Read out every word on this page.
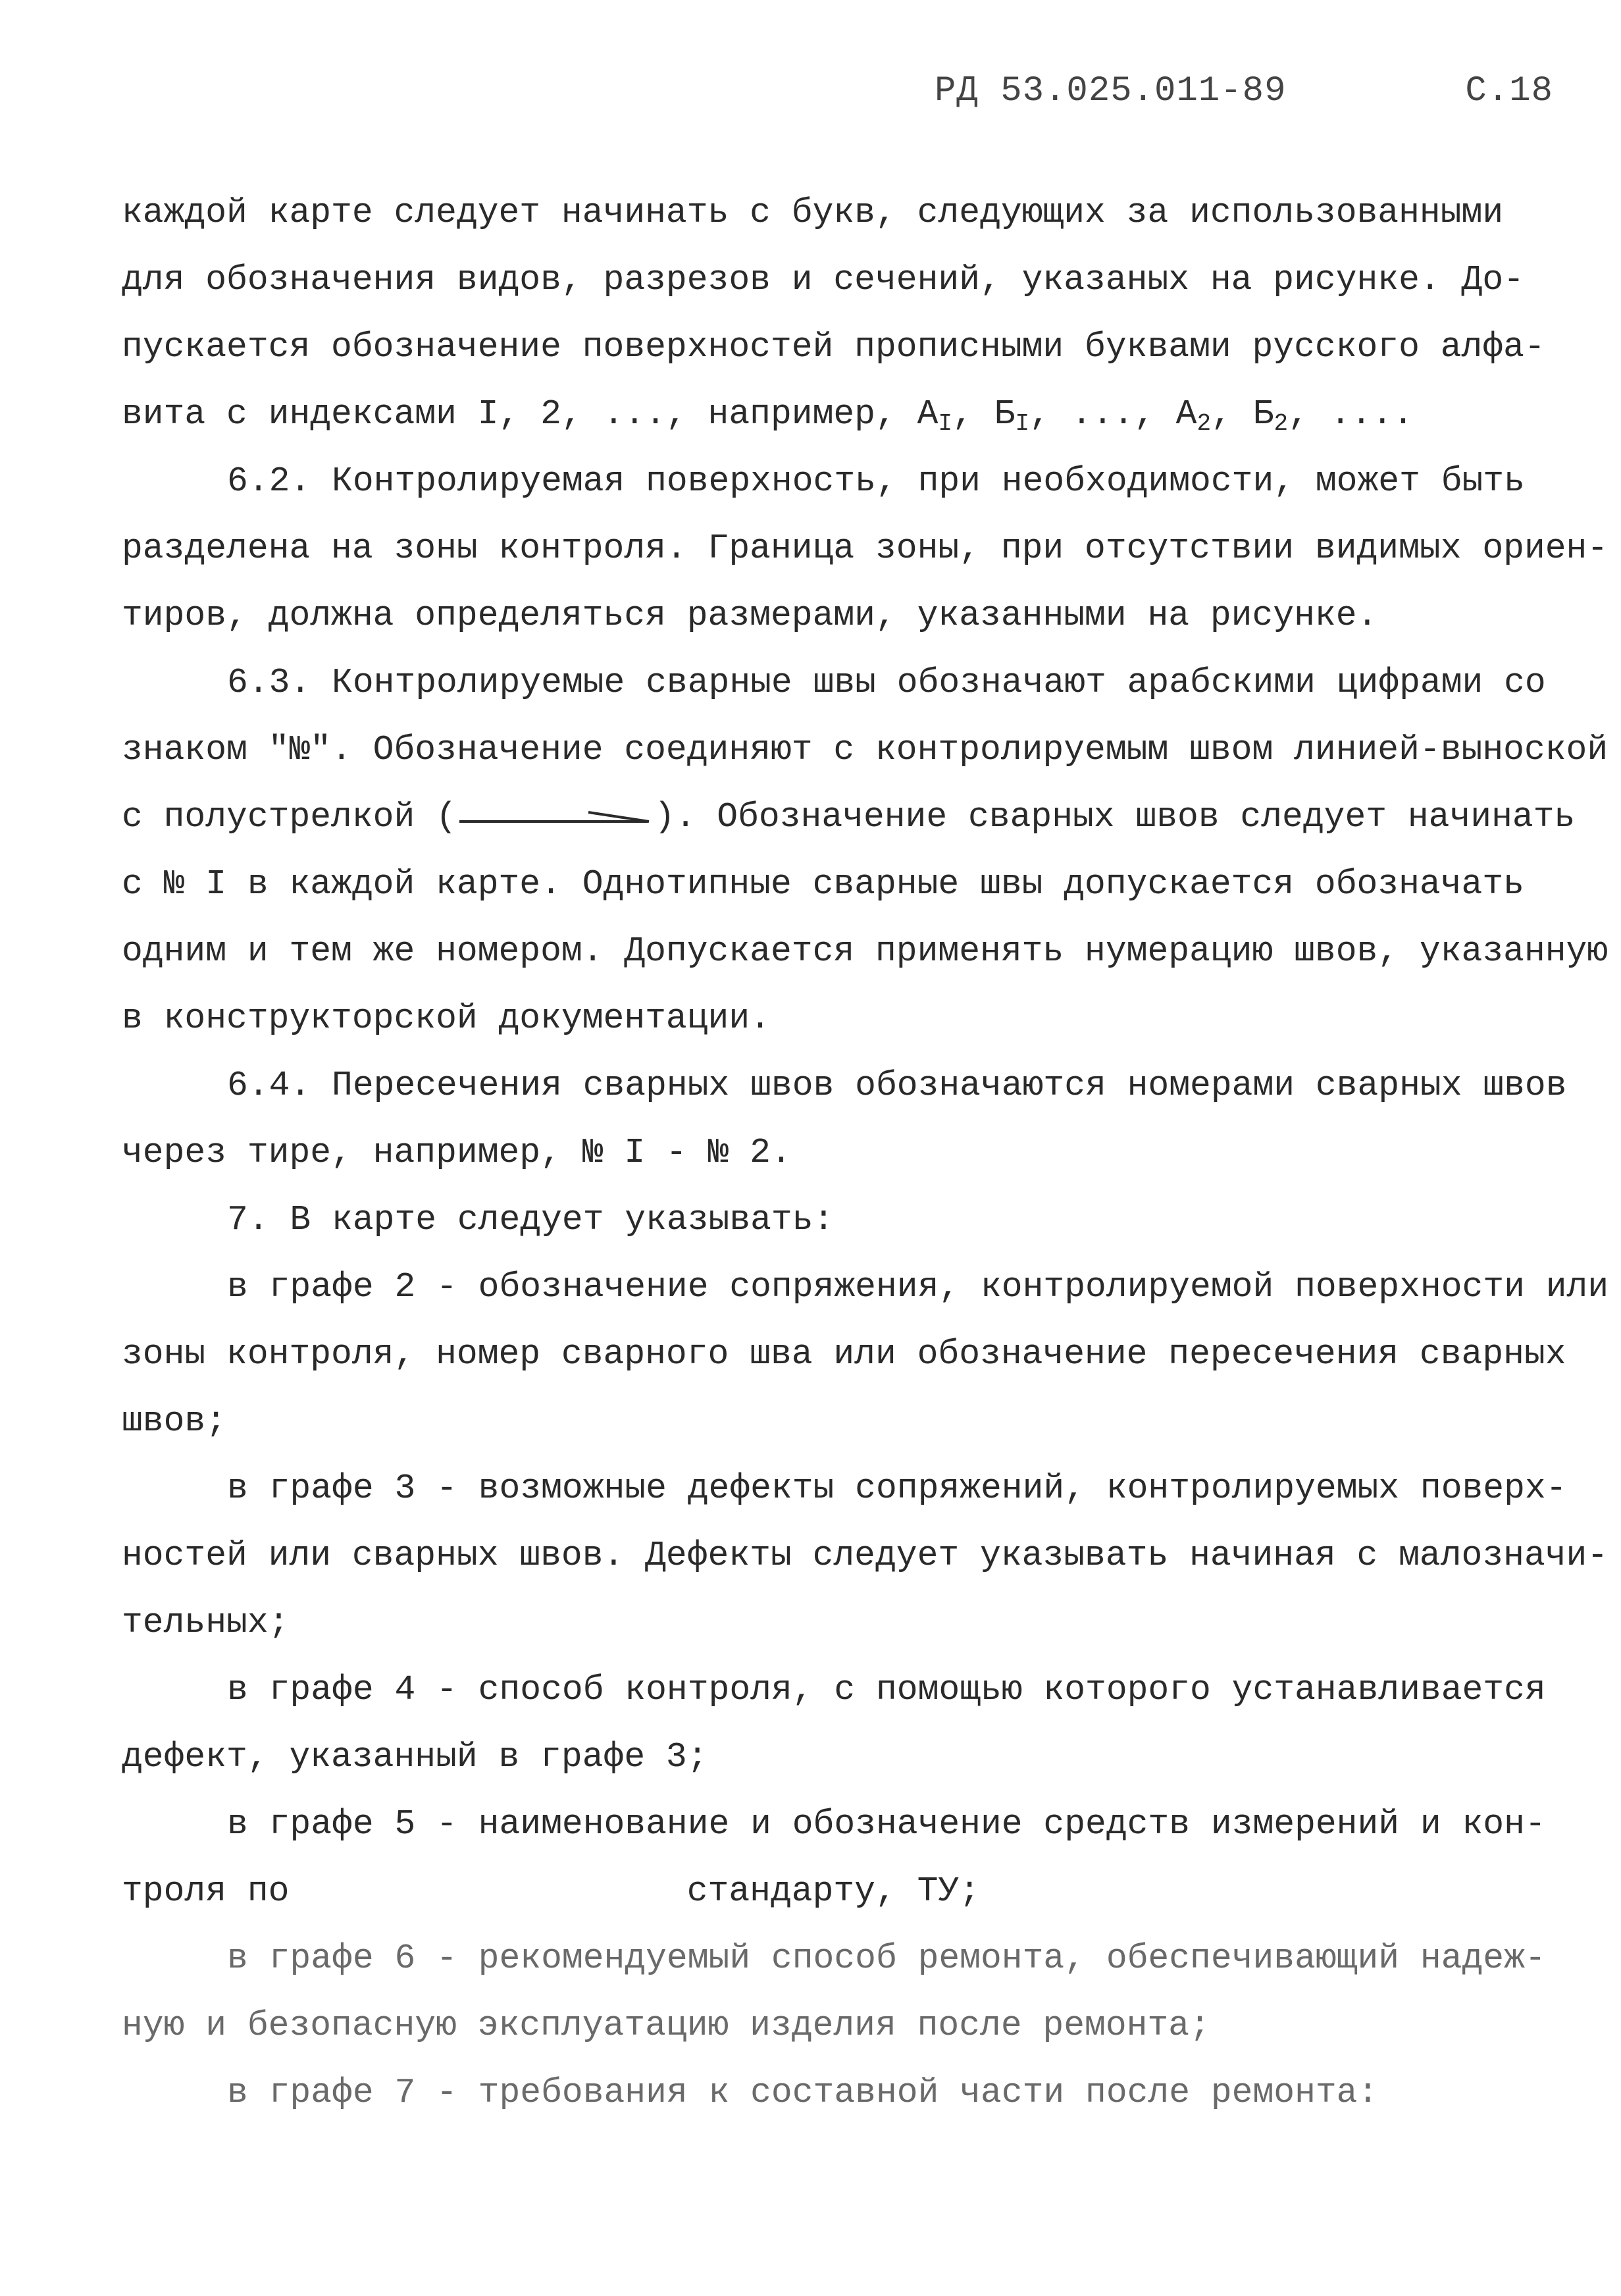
РД 53.025.011-89	С.18
каждой карте следует начинать с букв, следующих за использованными
для обозначения видов, разрезов и сечений, указаных на рисунке. До-
пускается обозначение поверхностей прописными буквами русского алфа-
вита с индексами I, 2, ..., например, $А_I$, $Б_I$, ..., $А_2$, $Б_2$, ....
6.2. Контролируемая поверхность, при необходимости, может быть
разделена на зоны контроля. Граница зоны, при отсутствии видимых ориен-
тиров, должна определяться размерами, указанными на рисунке.
6.3. Контролируемые сварные швы обозначают арабскими цифрами со
знаком "№". Обозначение соединяют с контролируемым швом линией-выноской
с полустрелкой (	). Обозначение сварных швов следует начинать
с № I в каждой карте. Однотипные сварные швы допускается обозначать
одним и тем же номером. Допускается применять нумерацию швов, указанную
в конструкторской документации.
6.4. Пересечения сварных швов обозначаются номерами сварных швов
через тире, например, № I - № 2.
7. В карте следует указывать:
в графе 2 - обозначение сопряжения, контролируемой поверхности или
зоны контроля, номер сварного шва или обозначение пересечения сварных
швов;
в графе 3 - возможные дефекты сопряжений, контролируемых поверх-
ностей или сварных швов. Дефекты следует указывать начиная с малозначи-
тельных;
в графе 4 - способ контроля, с помощью которого устанавливается
дефект, указанный в графе 3;
в графе 5 - наименование и обозначение средств измерений и кон-
троля по                   стандарту, ТУ;
в графе 6 - рекомендуемый способ ремонта, обеспечивающий надеж-
ную и безопасную эксплуатацию изделия после ремонта;
в графе 7 - требования к составной части после ремонта:
